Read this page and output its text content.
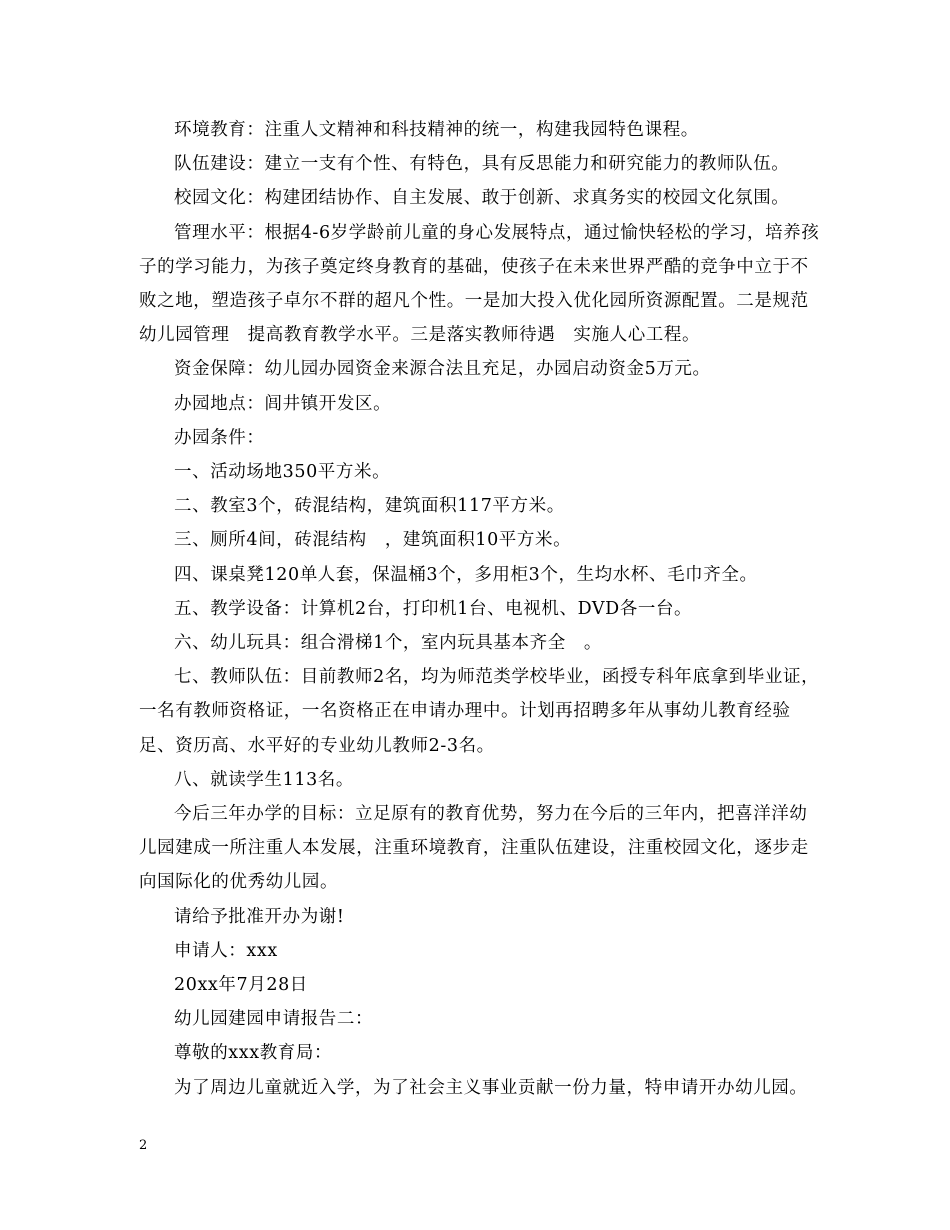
环境教育：注重人文精神和科技精神的统一，构建我园特色课程。

队伍建设：建立一支有个性、有特色，具有反思能力和研究能力的教师队伍。

校园文化：构建团结协作、自主发展、敢于创新、求真务实的校园文化氛围。

管理水平：根据4-6岁学龄前儿童的身心发展特点，通过愉快轻松的学习，培养孩子的学习能力，为孩子奠定终身教育的基础，使孩子在未来世界严酷的竞争中立于不败之地，塑造孩子卓尔不群的超凡个性。一是加大投入优化园所资源配置。二是规范幼儿园管理　提高教育教学水平。三是落实教师待遇　实施人心工程。

资金保障：幼儿园办园资金来源合法且充足，办园启动资金5万元。

办园地点：闾井镇开发区。

办园条件：

一、活动场地350平方米。

二、教室3个，砖混结构，建筑面积117平方米。

三、厕所4间，砖混结构　，建筑面积10平方米。

四、课桌凳120单人套，保温桶3个，多用柜3个，生均水杯、毛巾齐全。

五、教学设备：计算机2台，打印机1台、电视机、DVD各一台。

六、幼儿玩具：组合滑梯1个，室内玩具基本齐全　。

七、教师队伍：目前教师2名，均为师范类学校毕业，函授专科年底拿到毕业证，一名有教师资格证，一名资格正在申请办理中。计划再招聘多年从事幼儿教育经验足、资历高、水平好的专业幼儿教师2-3名。

八、就读学生113名。

今后三年办学的目标：立足原有的教育优势，努力在今后的三年内，把喜洋洋幼儿园建成一所注重人本发展，注重环境教育，注重队伍建设，注重校园文化，逐步走向国际化的优秀幼儿园。

请给予批准开办为谢!

申请人：xxx

20xx年7月28日

幼儿园建园申请报告二：

尊敬的xxx教育局：

为了周边儿童就近入学，为了社会主义事业贡献一份力量，特申请开办幼儿园。

2
